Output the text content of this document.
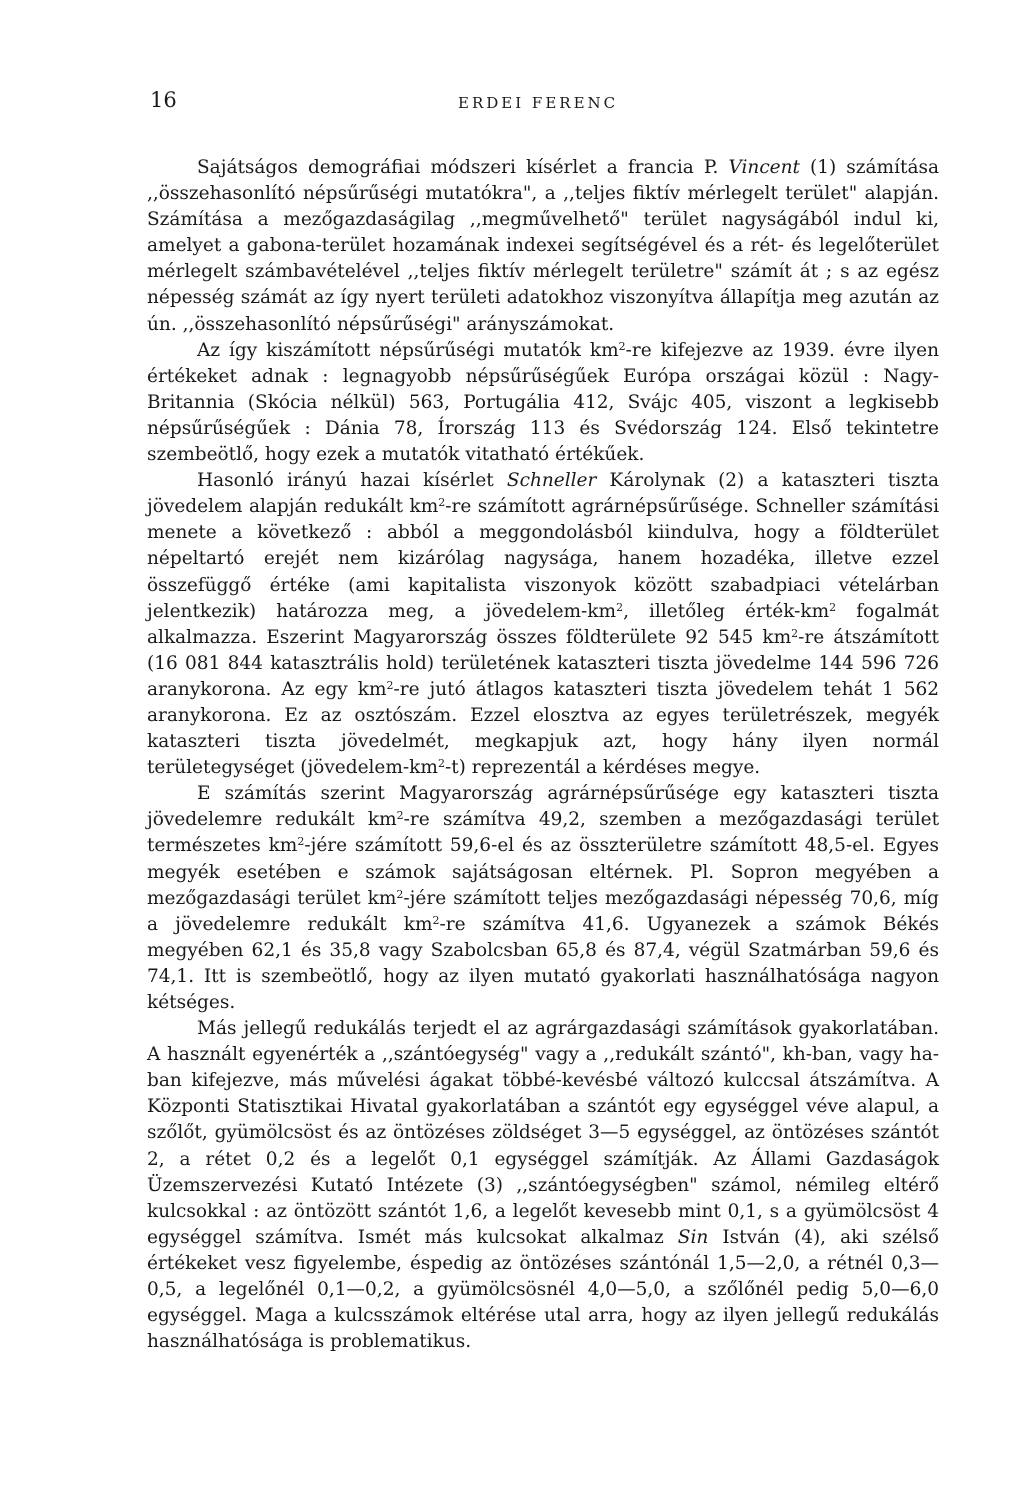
16	ERDEI FERENC

Sajátságos demográfiai módszeri kísérlet a francia P. Vincent (1) számítása ,,összehasonlító népsűrűségi mutatókra", a ,,teljes fiktív mérlegelt terület" alapján. Számítása a mezőgazdaságilag ,,megművelhető" terület nagyságából indul ki, amelyet a gabona-terület hozamának indexei segítségével és a rét- és legelőterület mérlegelt számbavételével ,,teljes fiktív mérlegelt területre" számít át ; s az egész népesség számát az így nyert területi adatokhoz viszonyítva állapítja meg azután az ún. ,,összehasonlító népsűrűségi" arányszámokat.

Az így kiszámított népsűrűségi mutatók $km^2-re$ kifejezve az 1939. évre ilyen értékeket adnak : legnagyobb népsűrűségűek Európa országai közül : Nagy-Britannia (Skócia nélkül) 563, Portugália 412, Svájc 405, viszont a legkisebb népsűrűségűek : Dánia 78, Írország 113 és Svédország 124. Első tekintetre szembeötlő, hogy ezek a mutatók vitatható értékűek.

Hasonló irányú hazai kísérlet Schneller Károlynak (2) a kataszteri tiszta jövedelem alapján redukált $km^2-re$ számított agrárnépsűrűsége. Schneller számítási menete a következő : abból a meggondolásból kiindulva, hogy a földterület népeltartó erejét nem kizárólag nagysága, hanem hozadéka, illetve ezzel összefüggő értéke (ami kapitalista viszonyok között szabadpiaci vételárban jelentkezik) határozza meg, a jövedelem-$km^2$, illetőleg érték-$km^2$ fogalmát alkalmazza. Eszerint Magyarország összes földterülete 92 545 $km^2-re$ átszámított (16 081 844 katasztrális hold) területének kataszteri tiszta jövedelme 144 596 726 aranykorona. Az egy $km^2-re$ jutó átlagos kataszteri tiszta jövedelem tehát 1 562 aranykorona. Ez az osztószám. Ezzel elosztva az egyes területrészek, megyék kataszteri tiszta jövedelmét, megkapjuk azt, hogy hány ilyen normál területegységet $(jövedelem-km^2-t)$ reprezentál a kérdéses megye.

E számítás szerint Magyarország agrárnépsűrűsége egy kataszteri tiszta jövedelemre redukált $km^2-re$ számítva 49,2, szemben a mezőgazdasági terület természetes $km^2$-jére számított 59,6-el és az összterületre számított 48,5-el. Egyes megyék esetében e számok sajátságosan eltérnek. Pl. Sopron megyében a mezőgazdasági terület $km^2$-jére számított teljes mezőgazdasági népesség 70,6, míg a jövedelemre redukált $km^2-re$ számítva 41,6. Ugyanezek a számok Békés megyében 62,1 és 35,8 vagy Szabolcsban 65,8 és 87,4, végül Szatmárban 59,6 és 74,1. Itt is szembeötlő, hogy az ilyen mutató gyakorlati használhatósága nagyon kétséges.

Más jellegű redukálás terjedt el az agrárgazdasági számítások gyakorlatában. A használt egyenérték a ,,szántóegység" vagy a ,,redukált szántó", kh-ban, vagy ha-ban kifejezve, más művelési ágakat többé-kevésbé változó kulccsal átszámítva. A Központi Statisztikai Hivatal gyakorlatában a szántót egy egységgel véve alapul, a szőlőt, gyümölcsöst és az öntözéses zöldséget 3—5 egységgel, az öntözéses szántót 2, a rétet 0,2 és a legelőt 0,1 egységgel számítják. Az Állami Gazdaságok Üzemszervezési Kutató Intézete (3) ,,szántóegységben" számol, némileg eltérő kulcsokkal : az öntözött szántót 1,6, a legelőt kevesebb mint 0,1, s a gyümölcsöst 4 egységgel számítva. Ismét más kulcsokat alkalmaz Sin István (4), aki szélső értékeket vesz figyelembe, éspedig az öntözéses szántónál 1,5—2,0, a rétnél 0,3—0,5, a legelőnél 0,1—0,2, a gyümölcsösnél 4,0—5,0, a szőlőnél pedig 5,0—6,0 egységgel. Maga a kulcsszámok eltérése utal arra, hogy az ilyen jellegű redukálás használhatósága is problematikus.
